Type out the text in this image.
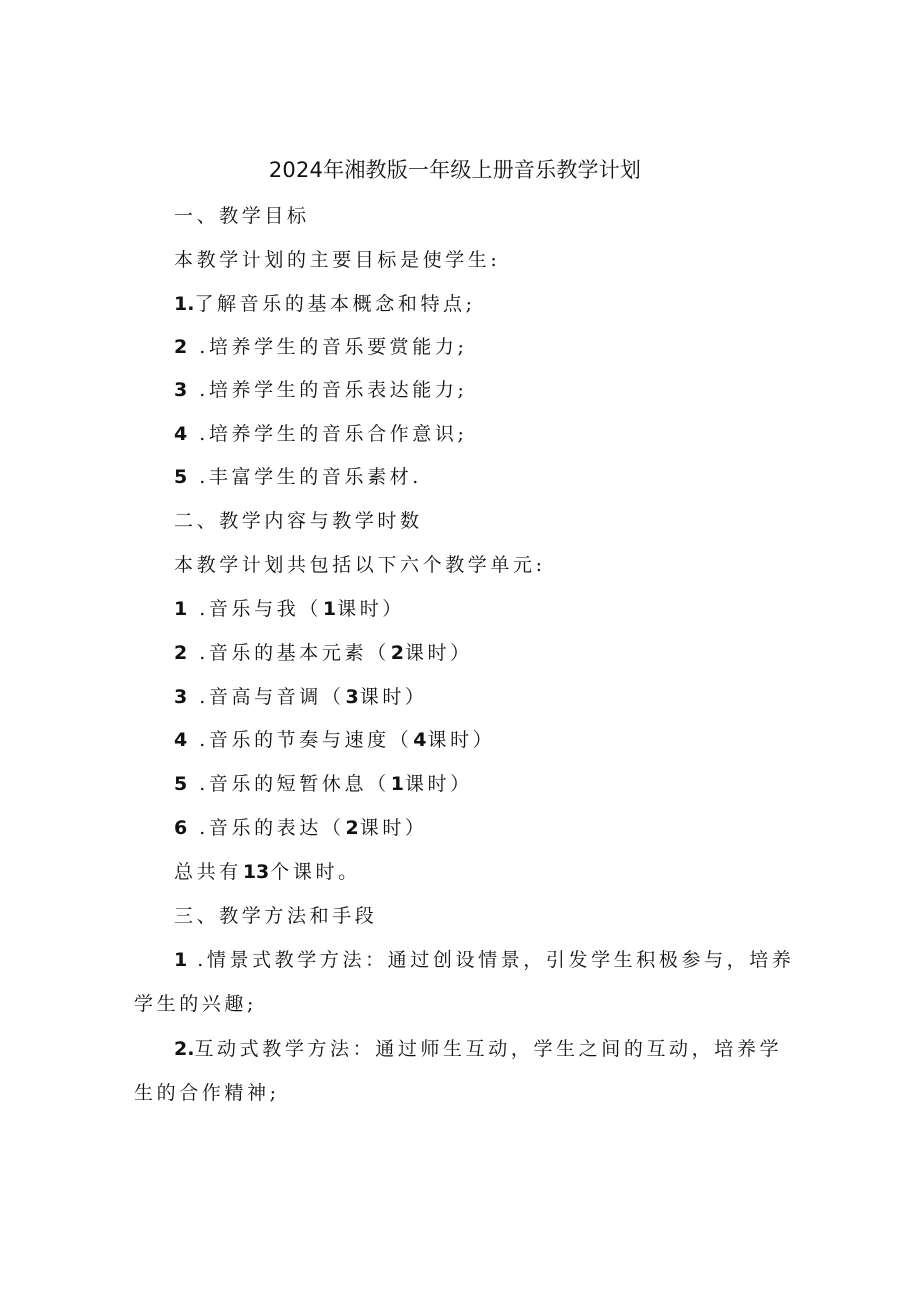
2024年湘教版一年级上册音乐教学计划
一、教学目标
本教学计划的主要目标是使学生:
1.了解音乐的基本概念和特点;
2 .培养学生的音乐要赏能力;
3 .培养学生的音乐表达能力;
4 .培养学生的音乐合作意识;
5 .丰富学生的音乐素材.
二、教学内容与教学时数
本教学计划共包括以下六个教学单元:
1 .音乐与我（1课时）
2 .音乐的基本元素（2课时）
3 .音高与音调（3课时）
4 .音乐的节奏与速度（4课时）
5 .音乐的短暂休息（1课时）
6 .音乐的表达（2课时）
总共有13个课时。
三、教学方法和手段
1 .情景式教学方法：通过创设情景，引发学生积极参与，培养
学生的兴趣;
2.互动式教学方法：通过师生互动，学生之间的互动，培养学
生的合作精神;
